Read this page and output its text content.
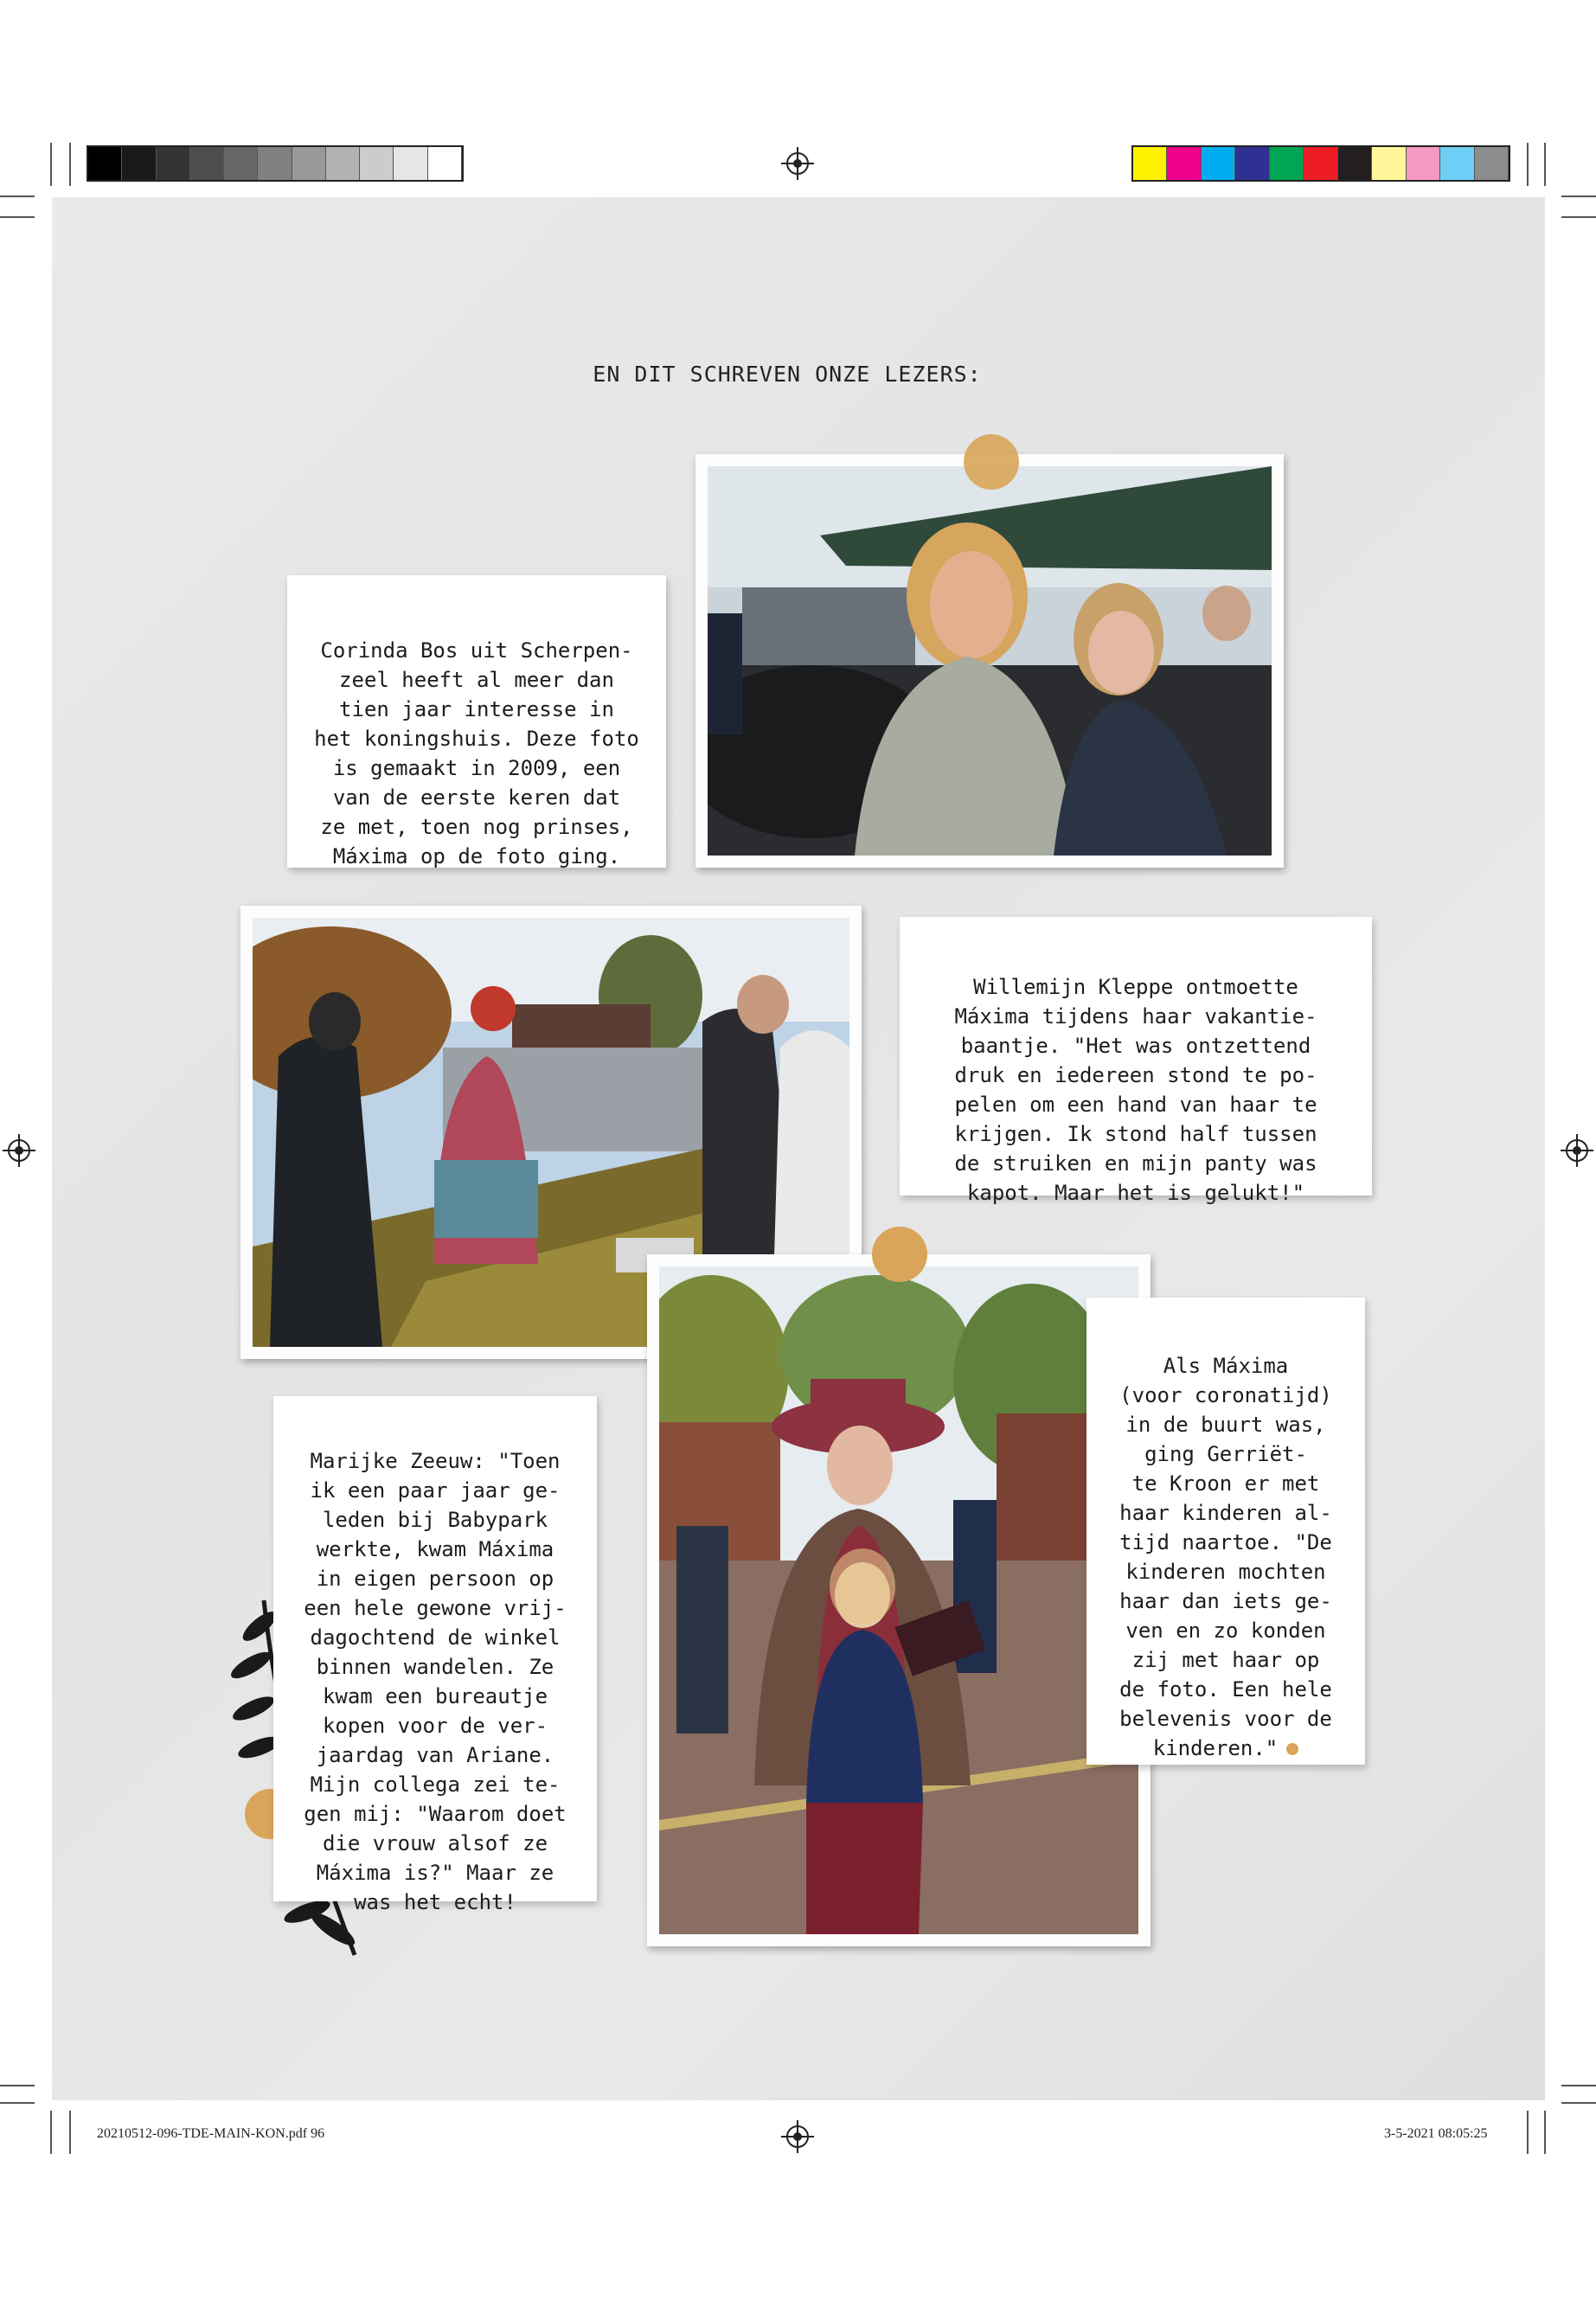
EN DIT SCHREVEN ONZE LEZERS:

Corinda Bos uit Scherpen-
zeel heeft al meer dan
tien jaar interesse in
het koningshuis. Deze foto
is gemaakt in 2009, een
van de eerste keren dat
ze met, toen nog prinses,
Máxima op de foto ging.

Willemijn Kleppe ontmoette
Máxima tijdens haar vakantie-
baantje. "Het was ontzettend
druk en iedereen stond te po-
pelen om een hand van haar te
krijgen. Ik stond half tussen
de struiken en mijn panty was
kapot. Maar het is gelukt!"

Als Máxima
(voor coronatijd)
in de buurt was,
ging Gerriët-
te Kroon er met
haar kinderen al-
tijd naartoe. "De
kinderen mochten
haar dan iets ge-
ven en zo konden
zij met haar op
de foto. Een hele
belevenis voor de
kinderen."

Marijke Zeeuw: "Toen
ik een paar jaar ge-
leden bij Babypark
werkte, kwam Máxima
in eigen persoon op
een hele gewone vrij-
dagochtend de winkel
binnen wandelen. Ze
kwam een bureautje
kopen voor de ver-
jaardag van Ariane.
Mijn collega zei te-
gen mij: "Waarom doet
die vrouw alsof ze
Máxima is?" Maar ze
was het echt!

20210512-096-TDE-MAIN-KON.pdf 96	3-5-2021 08:05:25
